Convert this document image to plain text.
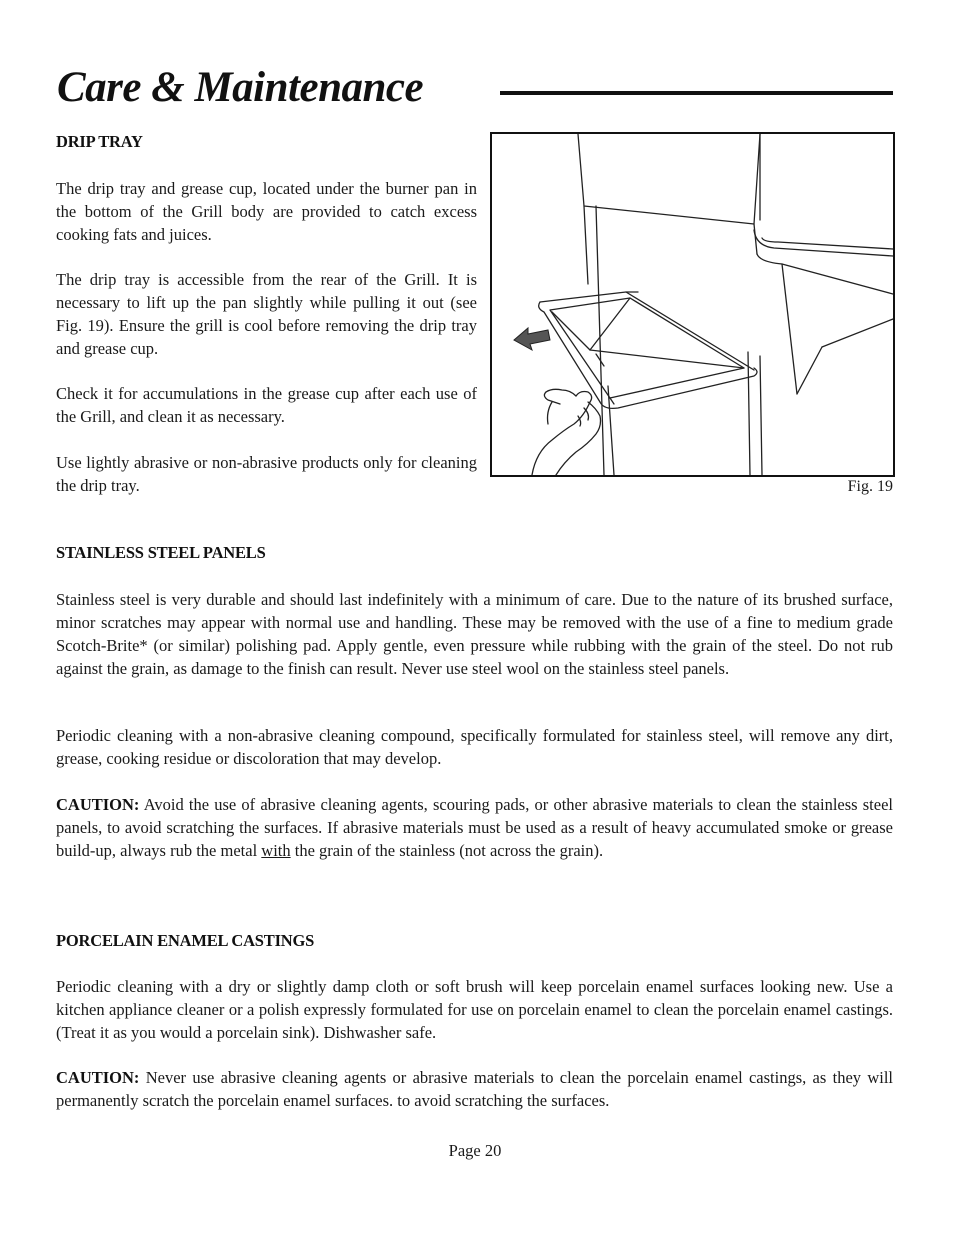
Care & Maintenance
DRIP TRAY

The drip tray and grease cup, located under the burner pan in the bottom of the Grill body are provided to catch excess cooking fats and juices.

The drip tray is accessible from the rear of the Grill. It is necessary to lift up the pan slightly while pulling it out (see Fig. 19). Ensure the grill is cool before removing the drip tray and grease cup.

Check it for accumulations in the grease cup after each use of the Grill, and clean it as necessary.

Use lightly abrasive or non-abrasive products only for cleaning the drip tray.	Fig. 19

STAINLESS STEEL PANELS

Stainless steel is very durable and should last indefinitely with a minimum of care. Due to the nature of its brushed surface, minor scratches may appear with normal use and handling. These may be removed with the use of a fine to medium grade Scotch-Brite* (or similar) polishing pad. Apply gentle, even pressure while rubbing with the grain of the steel. Do not rub against the grain, as damage to the finish can result. Never use steel wool on the stainless steel panels.

Periodic cleaning with a non-abrasive cleaning compound, specifically formulated for stainless steel, will remove any dirt, grease, cooking residue or discoloration that may develop.

CAUTION: Avoid the use of abrasive cleaning agents, scouring pads, or other abrasive materials to clean the stainless steel panels, to avoid scratching the surfaces. If abrasive materials must be used as a result of heavy accumulated smoke or grease build-up, always rub the metal with the grain of the stainless (not across the grain).

PORCELAIN ENAMEL CASTINGS

Periodic cleaning with a dry or slightly damp cloth or soft brush will keep porcelain enamel surfaces looking new. Use a kitchen appliance cleaner or a polish expressly formulated for use on porcelain enamel to clean the porcelain enamel castings. (Treat it as you would a porcelain sink). Dishwasher safe.

CAUTION: Never use abrasive cleaning agents or abrasive materials to clean the porcelain enamel castings, as they will permanently scratch the porcelain enamel surfaces. to avoid scratching the surfaces.

Page 20
